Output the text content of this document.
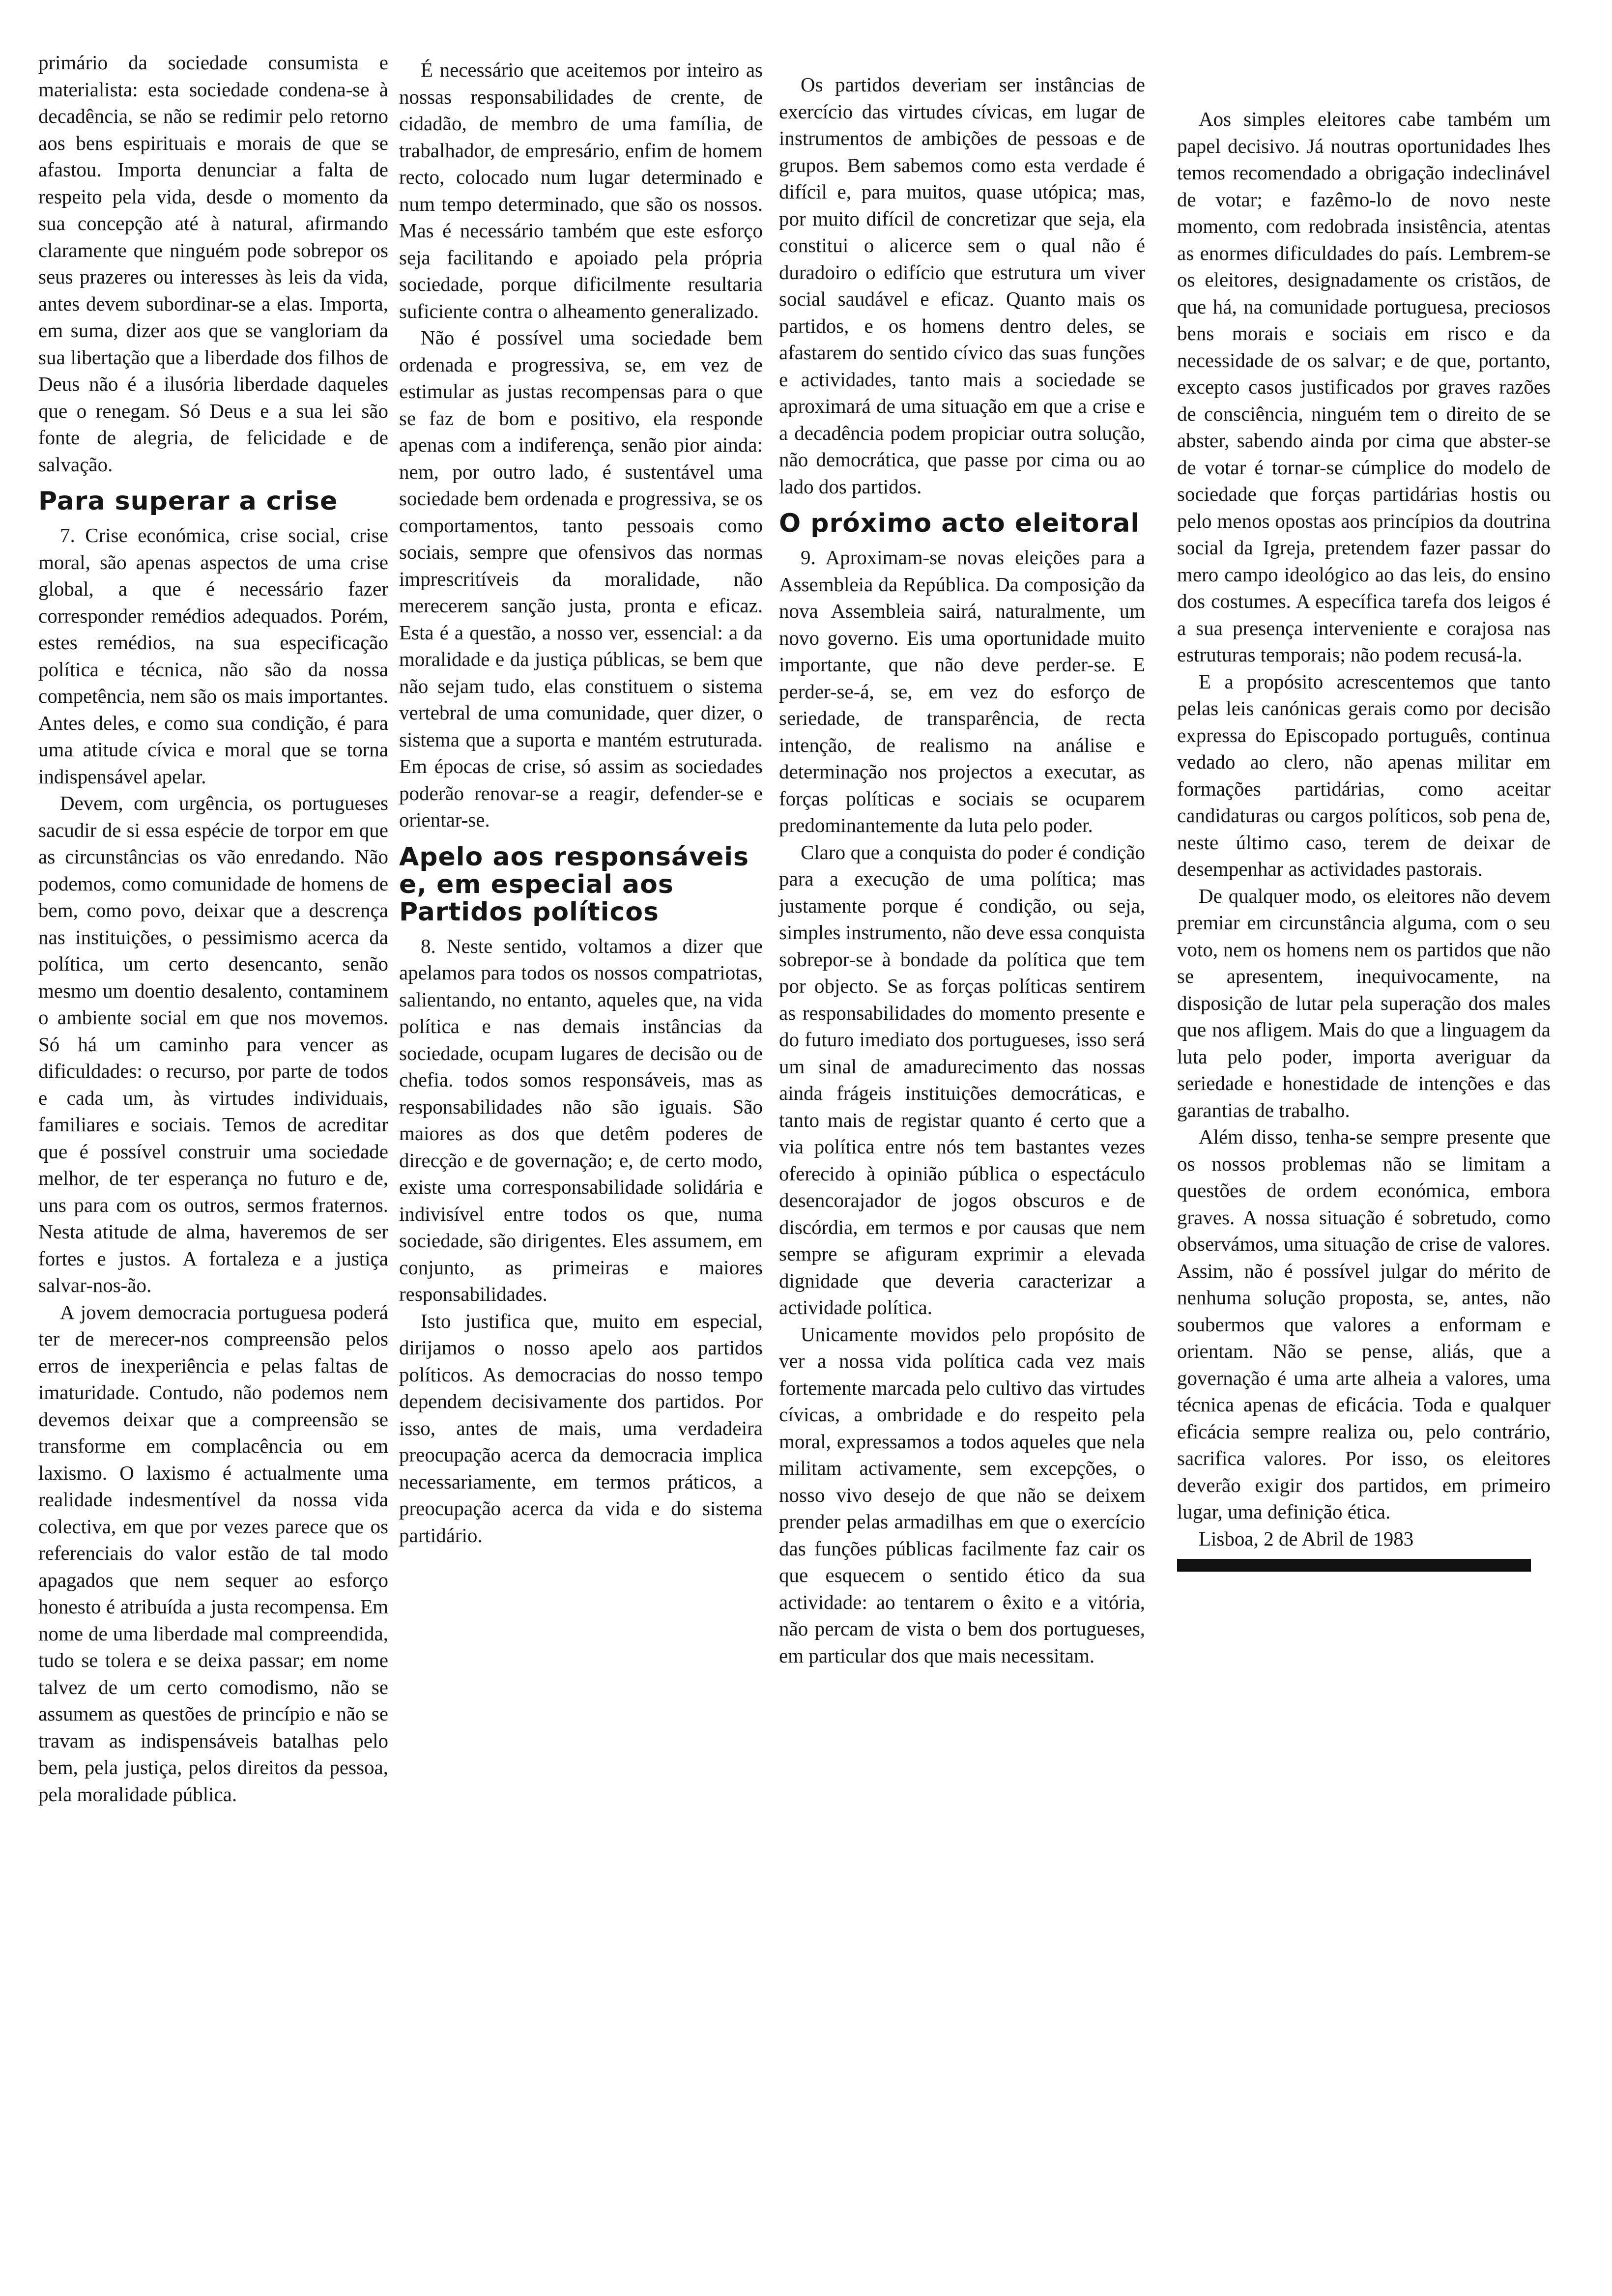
primário da sociedade consumista e materialista: esta sociedade condena-se à decadência, se não se redimir pelo retorno aos bens espirituais e morais de que se afastou. Importa denunciar a falta de respeito pela vida, desde o momento da sua concepção até à natural, afirmando claramente que ninguém pode sobrepor os seus prazeres ou interesses às leis da vida, antes devem subordinar-se a elas. Importa, em suma, dizer aos que se vangloriam da sua libertação que a liberdade dos filhos de Deus não é a ilusória liberdade daqueles que o renegam. Só Deus e a sua lei são fonte de alegria, de felicidade e de salvação.

Para superar a crise

7. Crise económica, crise social, crise moral, são apenas aspectos de uma crise global, a que é necessário fazer corresponder remédios adequados. Porém, estes remédios, na sua especificação política e técnica, não são da nossa competência, nem são os mais importantes. Antes deles, e como sua condição, é para uma atitude cívica e moral que se torna indispensável apelar.

Devem, com urgência, os portugueses sacudir de si essa espécie de torpor em que as circunstâncias os vão enredando. Não podemos, como comunidade de homens de bem, como povo, deixar que a descrença nas instituições, o pessimismo acerca da política, um certo desencanto, senão mesmo um doentio desalento, contaminem o ambiente social em que nos movemos. Só há um caminho para vencer as dificuldades: o recurso, por parte de todos e cada um, às virtudes individuais, familiares e sociais. Temos de acreditar que é possível construir uma sociedade melhor, de ter esperança no futuro e de, uns para com os outros, sermos fraternos. Nesta atitude de alma, haveremos de ser fortes e justos. A fortaleza e a justiça salvar-nos-ão.

A jovem democracia portuguesa poderá ter de merecer-nos compreensão pelos erros de inexperiência e pelas faltas de imaturidade. Contudo, não podemos nem devemos deixar que a compreensão se transforme em complacência ou em laxismo. O laxismo é actualmente uma realidade indesmentível da nossa vida colectiva, em que por vezes parece que os referenciais do valor estão de tal modo apagados que nem sequer ao esforço honesto é atribuída a justa recompensa. Em nome de uma liberdade mal compreendida, tudo se tolera e se deixa passar; em nome talvez de um certo comodismo, não se assumem as questões de princípio e não se travam as indispensáveis batalhas pelo bem, pela justiça, pelos direitos da pessoa, pela moralidade pública.

É necessário que aceitemos por inteiro as nossas responsabilidades de crente, de cidadão, de membro de uma família, de trabalhador, de empresário, enfim de homem recto, colocado num lugar determinado e num tempo determinado, que são os nossos. Mas é necessário também que este esforço seja facilitando e apoiado pela própria sociedade, porque dificilmente resultaria suficiente contra o alheamento generalizado.

Não é possível uma sociedade bem ordenada e progressiva, se, em vez de estimular as justas recompensas para o que se faz de bom e positivo, ela responde apenas com a indiferença, senão pior ainda: nem, por outro lado, é sustentável uma sociedade bem ordenada e progressiva, se os comportamentos, tanto pessoais como sociais, sempre que ofensivos das normas imprescritíveis da moralidade, não merecerem sanção justa, pronta e eficaz. Esta é a questão, a nosso ver, essencial: a da moralidade e da justiça públicas, se bem que não sejam tudo, elas constituem o sistema vertebral de uma comunidade, quer dizer, o sistema que a suporta e mantém estruturada. Em épocas de crise, só assim as sociedades poderão renovar-se a reagir, defender-se e orientar-se.

Apelo aos responsáveis e, em especial aos Partidos políticos

8. Neste sentido, voltamos a dizer que apelamos para todos os nossos compatriotas, salientando, no entanto, aqueles que, na vida política e nas demais instâncias da sociedade, ocupam lugares de decisão ou de chefia. todos somos responsáveis, mas as responsabilidades não são iguais. São maiores as dos que detêm poderes de direcção e de governação; e, de certo modo, existe uma corresponsabilidade solidária e indivisível entre todos os que, numa sociedade, são dirigentes. Eles assumem, em conjunto, as primeiras e maiores responsabilidades.

Isto justifica que, muito em especial, dirijamos o nosso apelo aos partidos políticos. As democracias do nosso tempo dependem decisivamente dos partidos. Por isso, antes de mais, uma verdadeira preocupação acerca da democracia implica necessariamente, em termos práticos, a preocupação acerca da vida e do sistema partidário.

Os partidos deveriam ser instâncias de exercício das virtudes cívicas, em lugar de instrumentos de ambições de pessoas e de grupos. Bem sabemos como esta verdade é difícil e, para muitos, quase utópica; mas, por muito difícil de concretizar que seja, ela constitui o alicerce sem o qual não é duradoiro o edifício que estrutura um viver social saudável e eficaz. Quanto mais os partidos, e os homens dentro deles, se afastarem do sentido cívico das suas funções e actividades, tanto mais a sociedade se aproximará de uma situação em que a crise e a decadência podem propiciar outra solução, não democrática, que passe por cima ou ao lado dos partidos.

O próximo acto eleitoral

9. Aproximam-se novas eleições para a Assembleia da República. Da composição da nova Assembleia sairá, naturalmente, um novo governo. Eis uma oportunidade muito importante, que não deve perder-se. E perder-se-á, se, em vez do esforço de seriedade, de transparência, de recta intenção, de realismo na análise e determinação nos projectos a executar, as forças políticas e sociais se ocuparem predominantemente da luta pelo poder.

Claro que a conquista do poder é condição para a execução de uma política; mas justamente porque é condição, ou seja, simples instrumento, não deve essa conquista sobrepor-se à bondade da política que tem por objecto. Se as forças políticas sentirem as responsabilidades do momento presente e do futuro imediato dos portugueses, isso será um sinal de amadurecimento das nossas ainda frágeis instituições democráticas, e tanto mais de registar quanto é certo que a via política entre nós tem bastantes vezes oferecido à opinião pública o espectáculo desencorajador de jogos obscuros e de discórdia, em termos e por causas que nem sempre se afiguram exprimir a elevada dignidade que deveria caracterizar a actividade política.

Unicamente movidos pelo propósito de ver a nossa vida política cada vez mais fortemente marcada pelo cultivo das virtudes cívicas, a ombridade e do respeito pela moral, expressamos a todos aqueles que nela militam activamente, sem excepções, o nosso vivo desejo de que não se deixem prender pelas armadilhas em que o exercício das funções públicas facilmente faz cair os que esquecem o sentido ético da sua actividade: ao tentarem o êxito e a vitória, não percam de vista o bem dos portugueses, em particular dos que mais necessitam.

Aos simples eleitores cabe também um papel decisivo. Já noutras oportunidades lhes temos recomendado a obrigação indeclinável de votar; e fazêmo-lo de novo neste momento, com redobrada insistência, atentas as enormes dificuldades do país. Lembrem-se os eleitores, designadamente os cristãos, de que há, na comunidade portuguesa, preciosos bens morais e sociais em risco e da necessidade de os salvar; e de que, portanto, excepto casos justificados por graves razões de consciência, ninguém tem o direito de se abster, sabendo ainda por cima que abster-se de votar é tornar-se cúmplice do modelo de sociedade que forças partidárias hostis ou pelo menos opostas aos princípios da doutrina social da Igreja, pretendem fazer passar do mero campo ideológico ao das leis, do ensino dos costumes. A específica tarefa dos leigos é a sua presença interveniente e corajosa nas estruturas temporais; não podem recusá-la.

E a propósito acrescentemos que tanto pelas leis canónicas gerais como por decisão expressa do Episcopado português, continua vedado ao clero, não apenas militar em formações partidárias, como aceitar candidaturas ou cargos políticos, sob pena de, neste último caso, terem de deixar de desempenhar as actividades pastorais.

De qualquer modo, os eleitores não devem premiar em circunstância alguma, com o seu voto, nem os homens nem os partidos que não se apresentem, inequivocamente, na disposição de lutar pela superação dos males que nos afligem. Mais do que a linguagem da luta pelo poder, importa averiguar da seriedade e honestidade de intenções e das garantias de trabalho.

Além disso, tenha-se sempre presente que os nossos problemas não se limitam a questões de ordem económica, embora graves. A nossa situação é sobretudo, como observámos, uma situação de crise de valores. Assim, não é possível julgar do mérito de nenhuma solução proposta, se, antes, não soubermos que valores a enformam e orientam. Não se pense, aliás, que a governação é uma arte alheia a valores, uma técnica apenas de eficácia. Toda e qualquer eficácia sempre realiza ou, pelo contrário, sacrifica valores. Por isso, os eleitores deverão exigir dos partidos, em primeiro lugar, uma definição ética.

Lisboa, 2 de Abril de 1983
